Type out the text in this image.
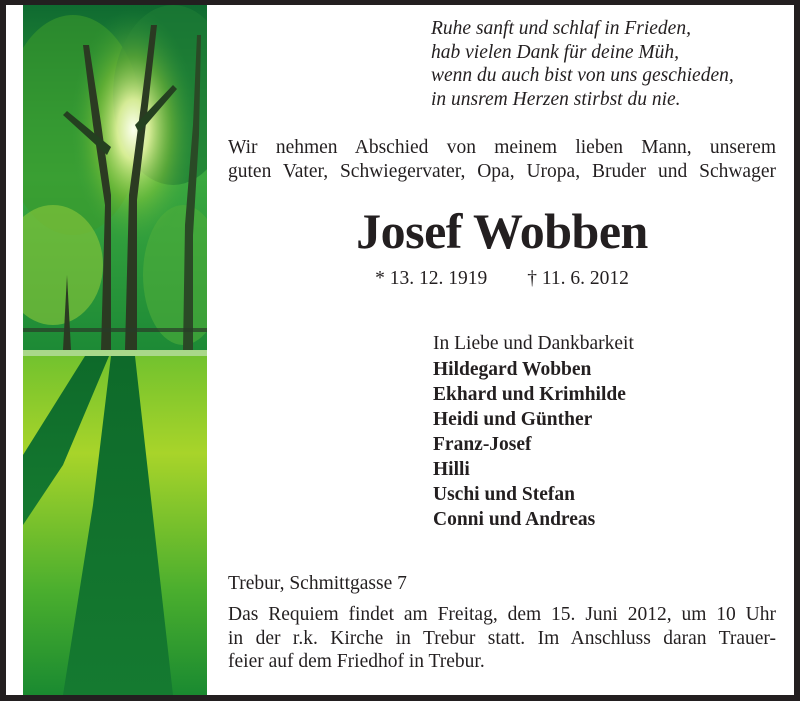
Ruhe sanft und schlaf in Frieden,
hab vielen Dank für deine Müh,
wenn du auch bist von uns geschieden,
in unsrem Herzen stirbst du nie.
Wir nehmen Abschied von meinem lieben Mann, unserem
guten Vater, Schwiegervater, Opa, Uropa, Bruder und Schwager
Josef Wobben
* 13. 12. 1919 † 11. 6. 2012
In Liebe und Dankbarkeit
Hildegard Wobben
Ekhard und Krimhilde
Heidi und Günther
Franz-Josef
Hilli
Uschi und Stefan
Conni und Andreas
Trebur, Schmittgasse 7
Das Requiem findet am Freitag, dem 15. Juni 2012, um 10 Uhr
in der r.k. Kirche in Trebur statt. Im Anschluss daran Trauer-
feier auf dem Friedhof in Trebur.
